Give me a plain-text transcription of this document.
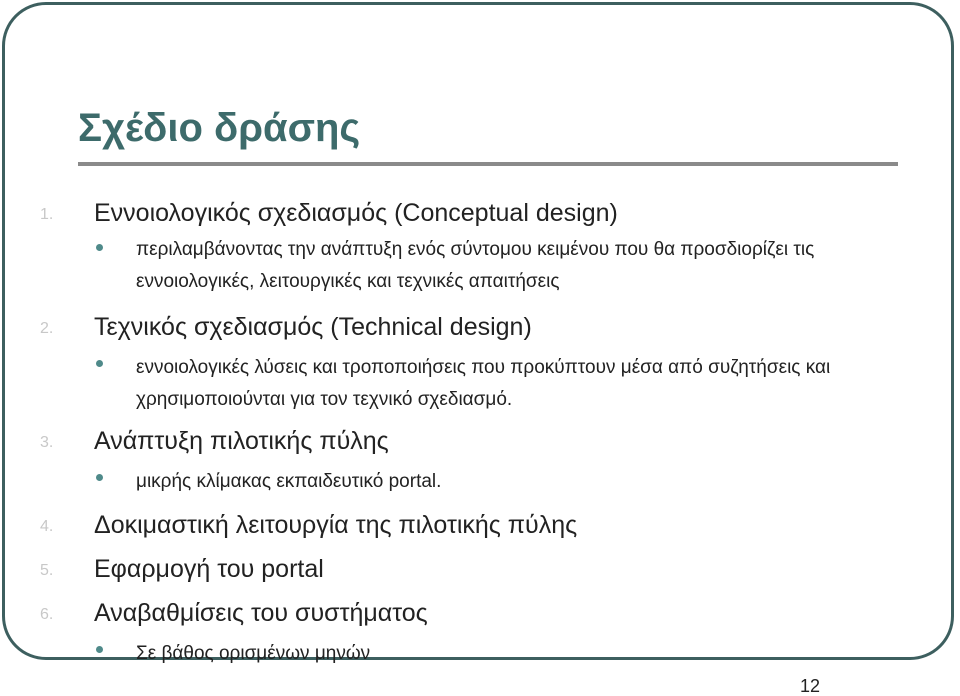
Σχέδιο δράσης
1. Εννοιολογικός σχεδιασμός (Conceptual design)
περιλαμβάνοντας την ανάπτυξη ενός σύντομου κειμένου που θα προσδιορίζει τις εννοιολογικές, λειτουργικές και τεχνικές απαιτήσεις
2. Τεχνικός σχεδιασμός (Technical design)
εννοιολογικές λύσεις και τροποποιήσεις που προκύπτουν μέσα από συζητήσεις και χρησιμοποιούνται για τον τεχνικό σχεδιασμό.
3. Ανάπτυξη πιλοτικής πύλης
μικρής κλίμακας εκπαιδευτικό portal.
4. Δοκιμαστική λειτουργία της πιλοτικής πύλης
5. Εφαρμογή του portal
6. Αναβαθμίσεις του συστήματος
Σε βάθος ορισμένων μηνών
12
